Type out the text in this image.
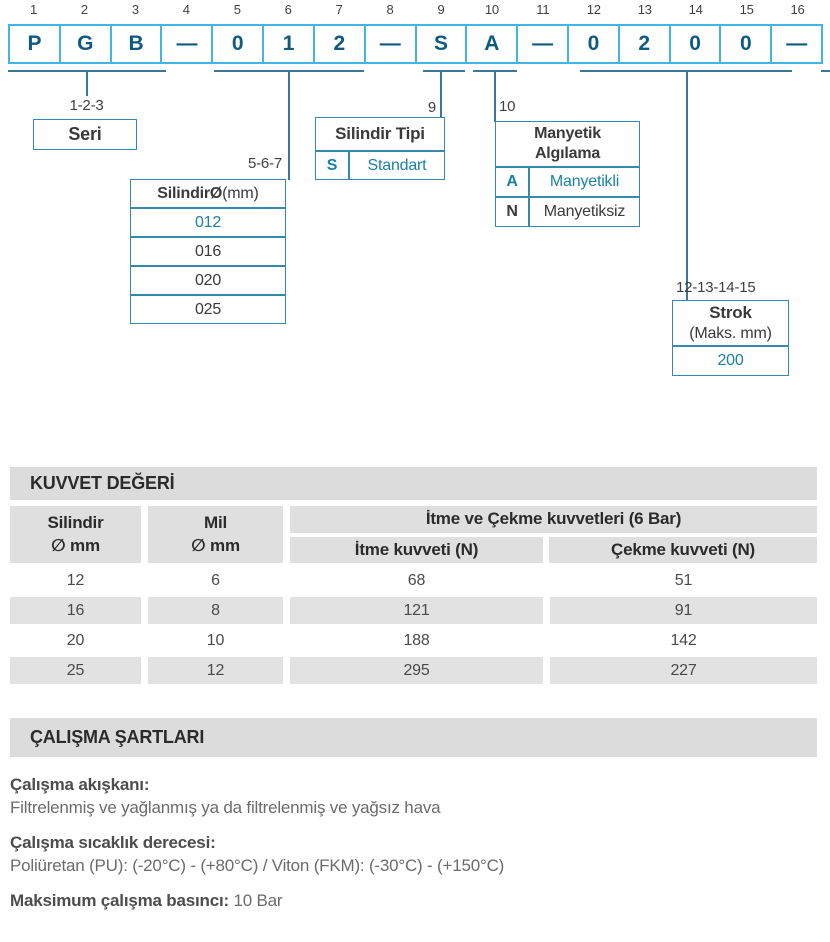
1	2	3	4	5	6	7	8	9	10	11	12	13	14	15	16
P	G	B	—	0	1	2	—	S	A	—	0	2	0	0	—
1-2-3
5-6-7
9	10
12-13-14-15
Seri
SilindirØ (mm)
012
016
020
025
Silindir Tipi
S	Standart
Manyetik
Algılama
A	Manyetikli
N	Manyetiksiz
Strok
(Maks. mm)
200
KUVVET DEĞERİ
Silindir
∅ mm
Mil
∅ mm
İtme ve Çekme kuvvetleri (6 Bar)
İtme kuvveti (N)	Çekme kuvveti (N)
12	6	68	51
16	8	121	91
20	10	188	142
25	12	295	227
ÇALIŞMA ŞARTLARI

Çalışma akışkanı:

Filtrelenmiş ve yağlanmış ya da filtrelenmiş ve yağsız hava

Çalışma sıcaklık derecesi:

Poliüretan (PU): (-20°C) - (+80°C) / Viton (FKM): (-30°C) - (+150°C)

Maksimum çalışma basıncı: 10 Bar
